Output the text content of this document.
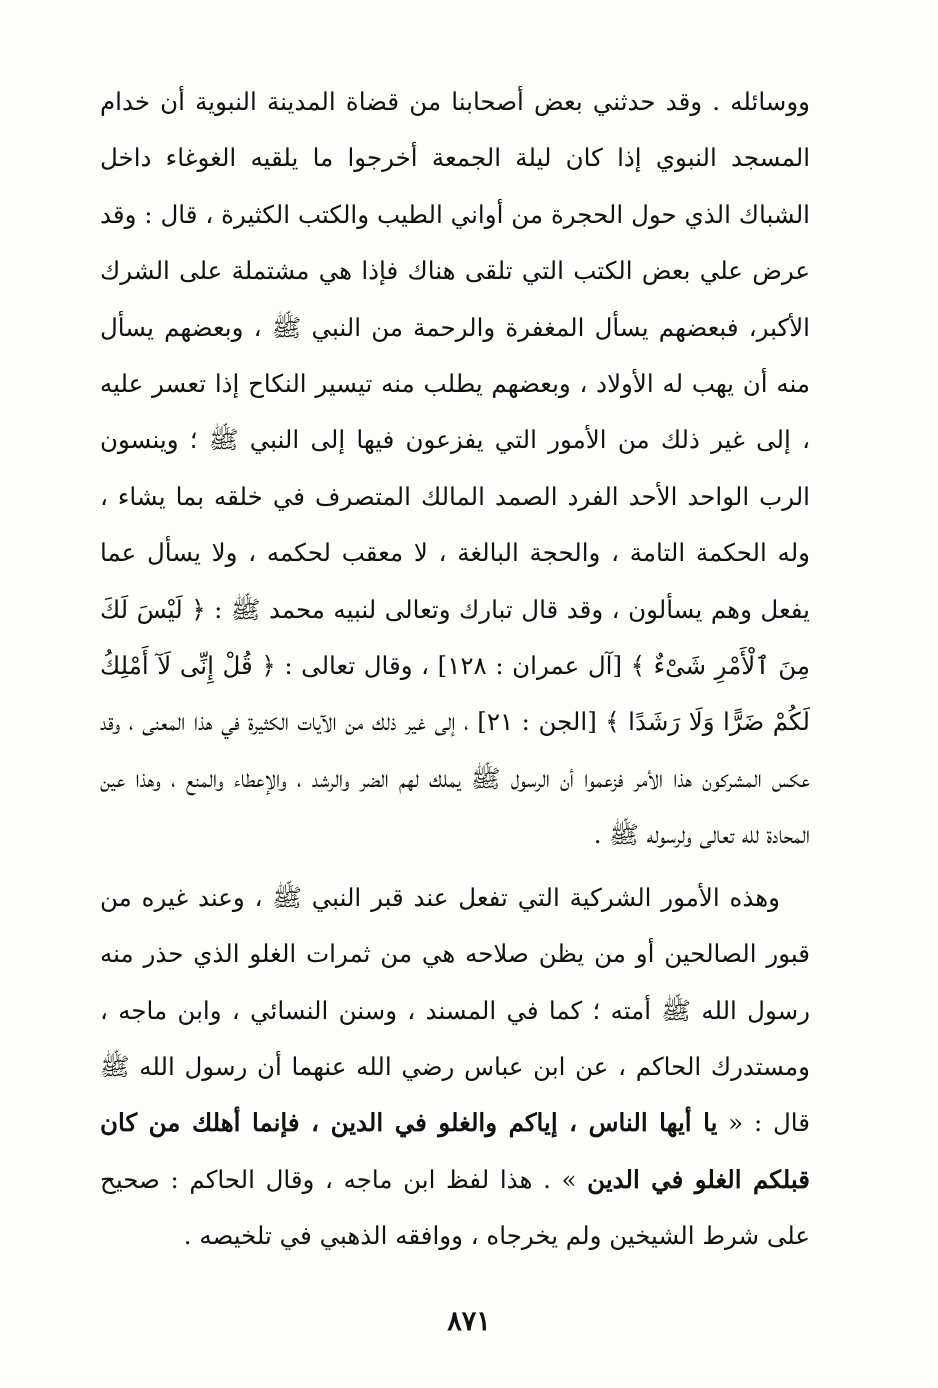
ووسائله . وقد حدثني بعض أصحابنا من قضاة المدينة النبوية أن خدام المسجد النبوي إذا كان ليلة الجمعة أخرجوا ما يلقيه الغوغاء داخل الشباك الذي حول الحجرة من أواني الطيب والكتب الكثيرة ، قال : وقد عرض علي بعض الكتب التي تلقى هناك فإذا هي مشتملة على الشرك الأكبر، فبعضهم يسأل المغفرة والرحمة من النبي ﷺ ، وبعضهم يسأل منه أن يهب له الأولاد ، وبعضهم يطلب منه تيسير النكاح إذا تعسر عليه ، إلى غير ذلك من الأمور التي يفزعون فيها إلى النبي ﷺ ؛ وينسون الرب الواحد الأحد الفرد الصمد المالك المتصرف في خلقه بما يشاء ، وله الحكمة التامة ، والحجة البالغة ، لا معقب لحكمه ، ولا يسأل عما يفعل وهم يسألون ، وقد قال تبارك وتعالى لنبيه محمد ﷺ : ﴿ لَيْسَ لَكَ مِنَ ٱلْأَمْرِ شَىْءٌ ﴾ [آل عمران : ١٢٨] ، وقال تعالى : ﴿ قُلْ إِنِّى لَآ أَمْلِكُ لَكُمْ ضَرًّا وَلَا رَشَدًا ﴾ [الجن : ٢١] ، إلى غير ذلك من الآيات الكثيرة في هذا المعنى ، وقد عكس المشركون هذا الأمر فزعموا أن الرسول ﷺ يملك لهم الضر والرشد ، والإعطاء والمنع ، وهذا عين المحادة لله تعالى ولرسوله ﷺ .

وهذه الأمور الشركية التي تفعل عند قبر النبي ﷺ ، وعند غيره من قبور الصالحين أو من يظن صلاحه هي من ثمرات الغلو الذي حذر منه رسول الله ﷺ أمته ؛ كما في المسند ، وسنن النسائي ، وابن ماجه ، ومستدرك الحاكم ، عن ابن عباس رضي الله عنهما أن رسول الله ﷺ قال : « يا أيها الناس ، إياكم والغلو في الدين ، فإنما أهلك من كان قبلكم الغلو في الدين » . هذا لفظ ابن ماجه ، وقال الحاكم : صحيح على شرط الشيخين ولم يخرجاه ، ووافقه الذهبي في تلخيصه .

٨٧١
